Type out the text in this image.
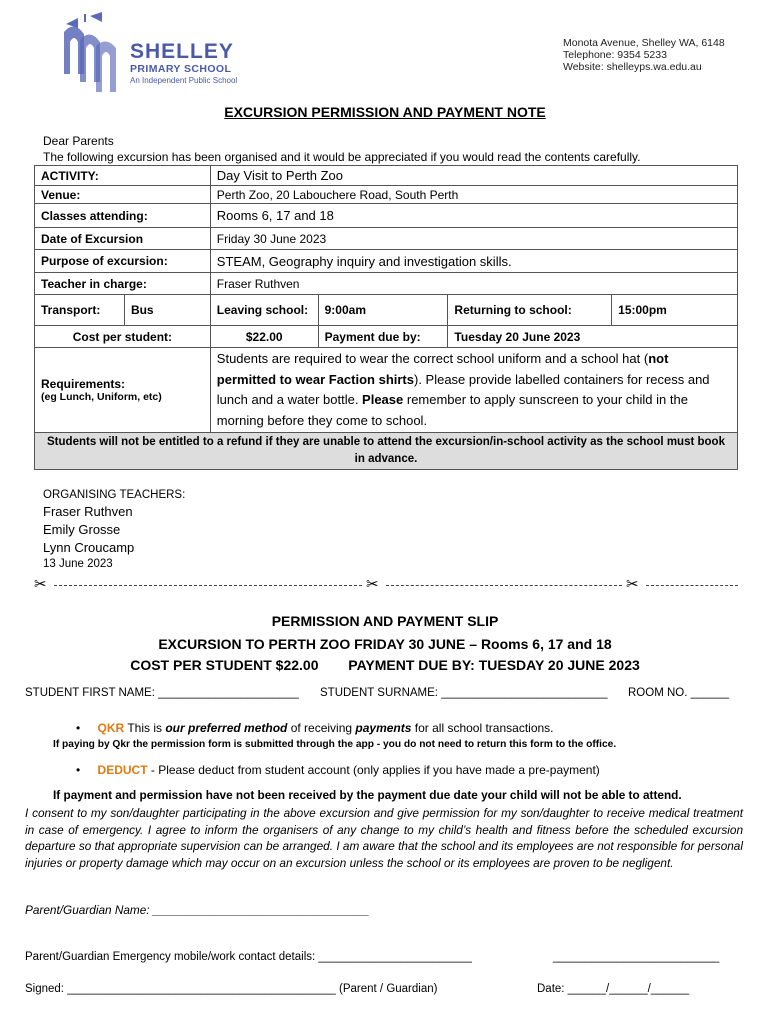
SHELLEY
PRIMARY SCHOOL
An Independent Public School
Monota Avenue, Shelley WA, 6148
Telephone: 9354 5233
Website: shelleyps.wa.edu.au
EXCURSION PERMISSION AND PAYMENT NOTE
Dear Parents
The following excursion has been organised and it would be appreciated if you would read the contents carefully.
ACTIVITY:		Day Visit to Perth Zoo			
Venue:		Perth Zoo, 20 Labouchere Road, South Perth			
Classes attending:		Rooms 6, 17 and 18			
Date of Excursion		Friday 30 June 2023			
Purpose of excursion:		STEAM, Geography inquiry and investigation skills.			
Teacher in charge:		Fraser Ruthven			
Transport:	Bus	Leaving school:	9:00am	Returning to school:	15:00pm
Cost per student:		$22.00	Payment due by:	Tuesday 20 June 2023	

Requirements:
(eg Lunch, Uniform, etc)		Students are required to wear the correct school uniform and a school hat (not permitted to wear Faction shirts). Please provide labelled containers for recess and lunch and a water bottle. Please remember to apply sunscreen to your child in the morning before they come to school.			
Students will not be entitled to a refund if they are unable to attend the excursion/in-school activity as the school must book in advance.					
ORGANISING TEACHERS:
Fraser Ruthven
Emily Grosse
Lynn Croucamp
13 June 2023
✂	✂	✂
PERMISSION AND PAYMENT SLIP
EXCURSION TO PERTH ZOO FRIDAY 30 JUNE – Rooms 6, 17 and 18
COST PER STUDENT $22.00 PAYMENT DUE BY: TUESDAY 20 JUNE 2023
STUDENT FIRST NAME: ______________________ STUDENT SURNAME: __________________________ ROOM NO. ______
• QKR This is our preferred method of receiving payments for all school transactions.
If paying by Qkr the permission form is submitted through the app - you do not need to return this form to the office.
• DEDUCT - Please deduct from student account (only applies if you have made a pre-payment)
If payment and permission have not been received by the payment due date your child will not be able to attend.
I consent to my son/daughter participating in the above excursion and give permission for my son/daughter to receive medical treatment in case of emergency. I agree to inform the organisers of any change to my child’s health and fitness before the scheduled excursion departure so that appropriate supervision can be arranged. I am aware that the school and its employees are not responsible for personal injuries or property damage which may occur on an excursion unless the school or its employees are proven to be negligent.
Parent/Guardian Name: _________________________________
Parent/Guardian Emergency mobile/work contact details: ________________________	__________________________
Signed: __________________________________________ (Parent / Guardian)	Date: ______/______/______
